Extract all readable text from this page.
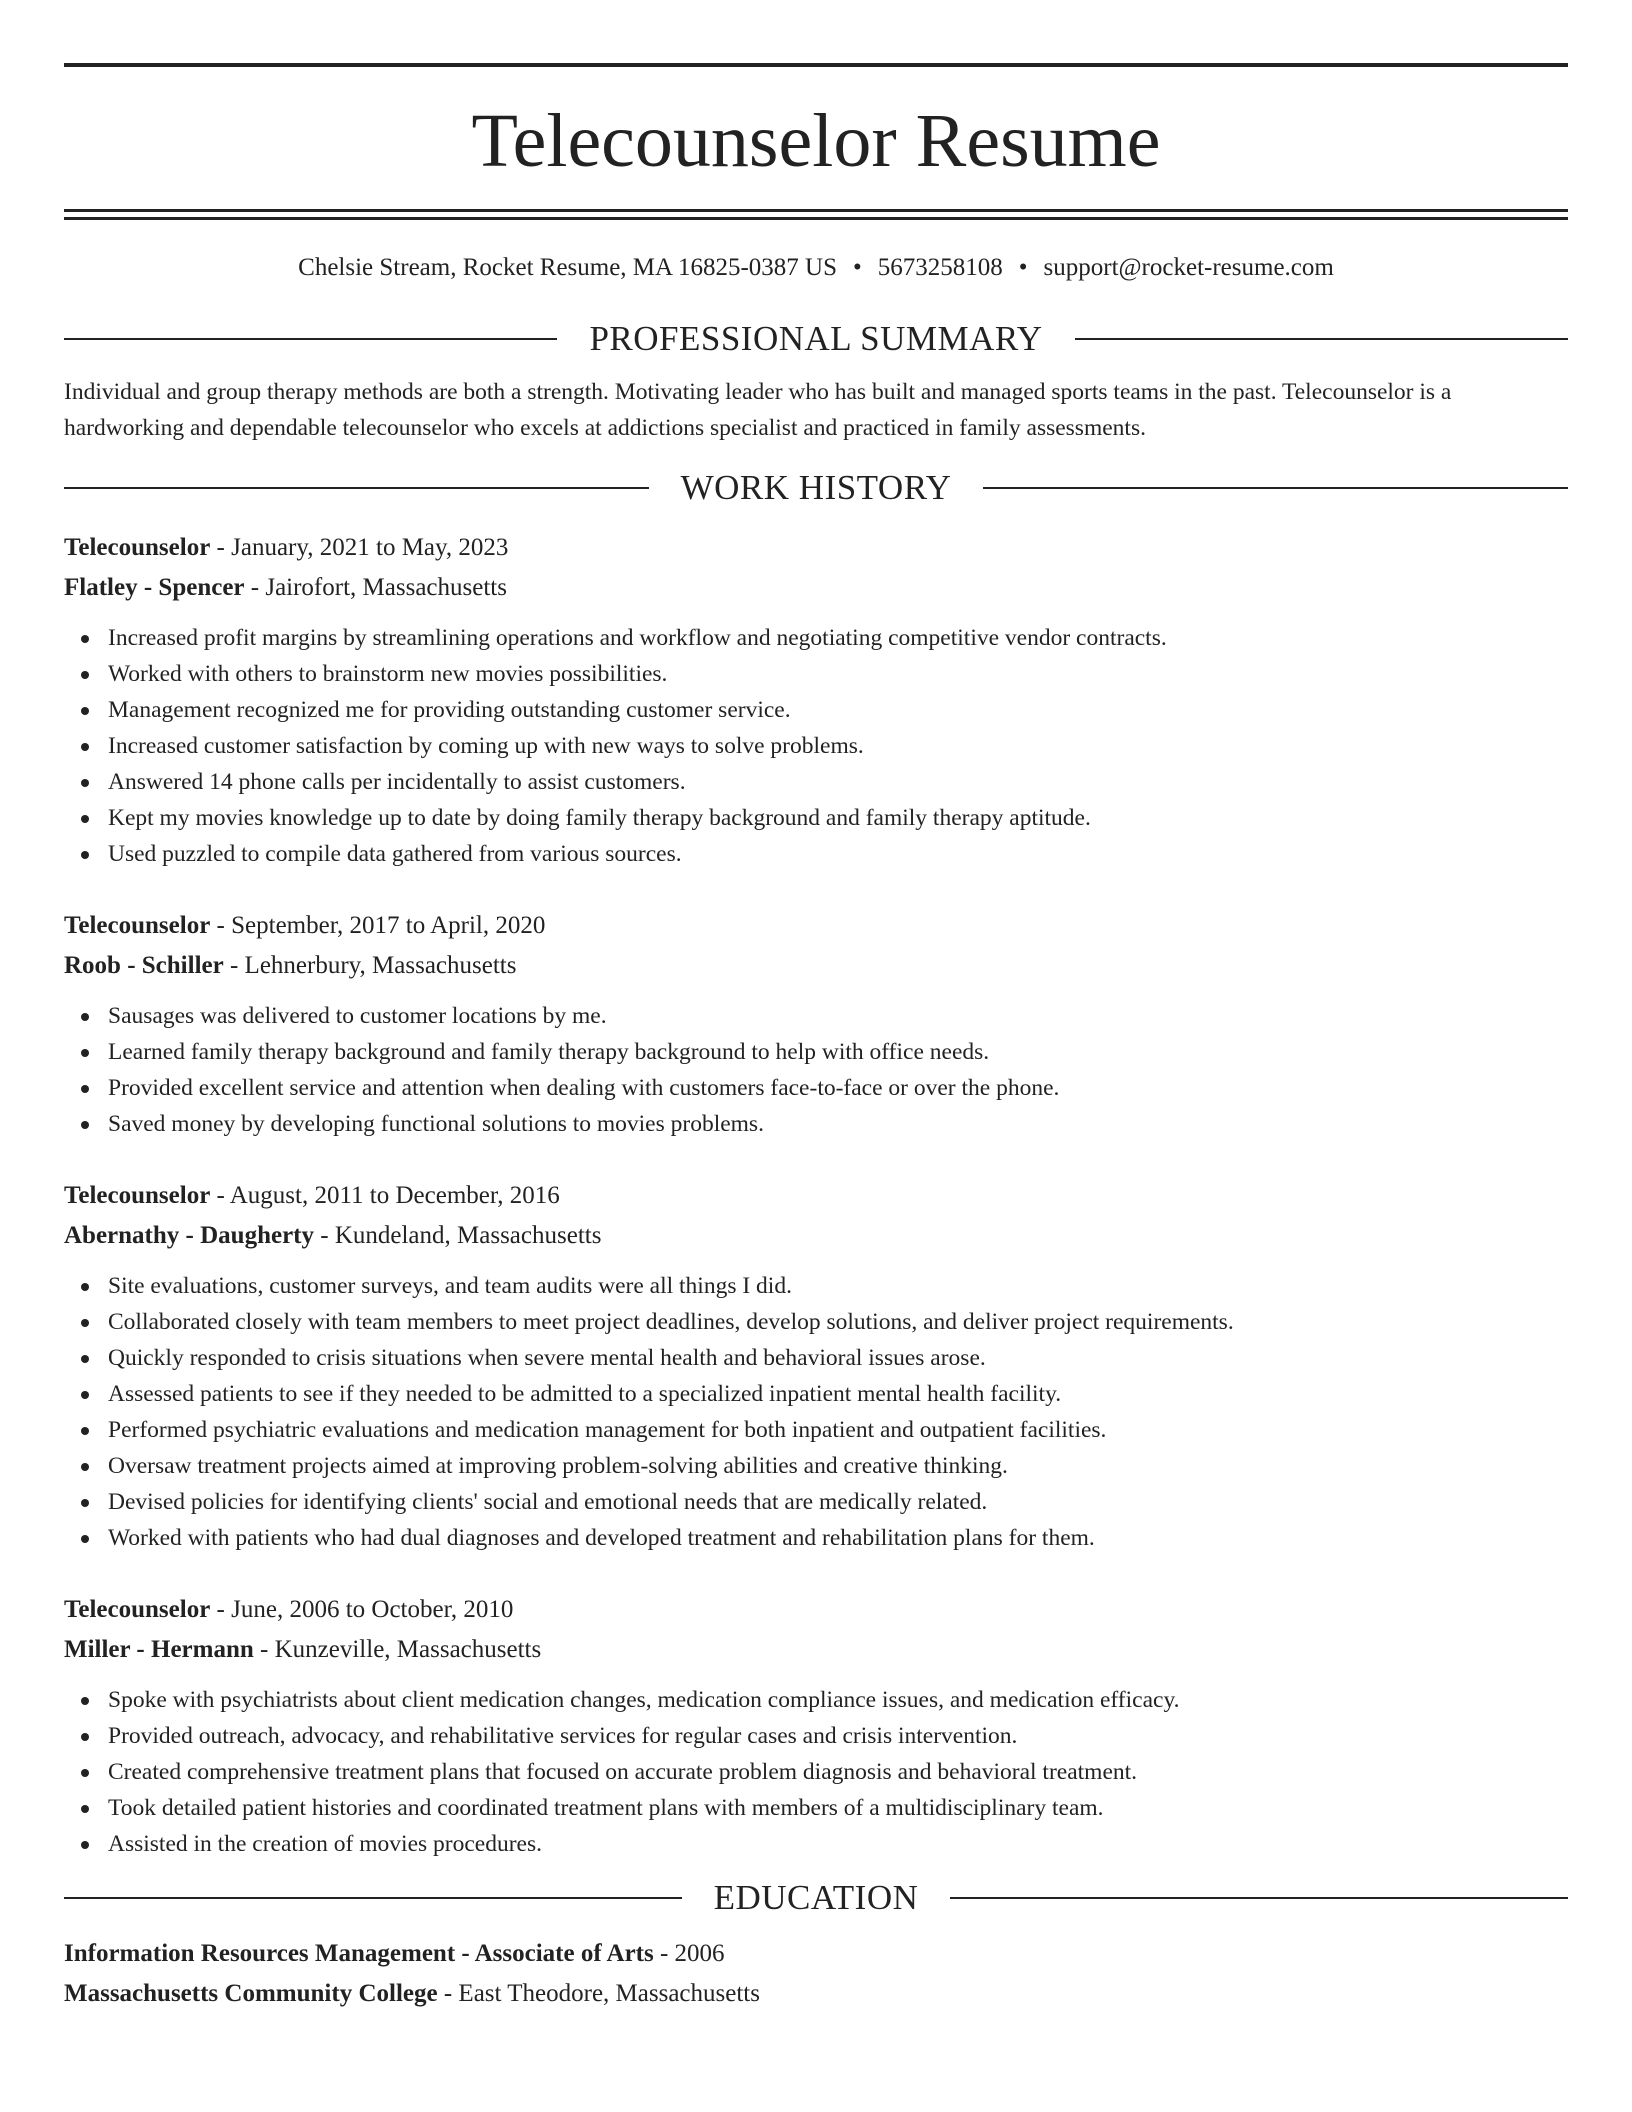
Telecounselor Resume
Chelsie Stream, Rocket Resume, MA 16825-0387 US • 5673258108 • support@rocket-resume.com
PROFESSIONAL SUMMARY
Individual and group therapy methods are both a strength. Motivating leader who has built and managed sports teams in the past. Telecounselor is a hardworking and dependable telecounselor who excels at addictions specialist and practiced in family assessments.
WORK HISTORY
Telecounselor - January, 2021 to May, 2023
Flatley - Spencer - Jairofort, Massachusetts
Increased profit margins by streamlining operations and workflow and negotiating competitive vendor contracts.
Worked with others to brainstorm new movies possibilities.
Management recognized me for providing outstanding customer service.
Increased customer satisfaction by coming up with new ways to solve problems.
Answered 14 phone calls per incidentally to assist customers.
Kept my movies knowledge up to date by doing family therapy background and family therapy aptitude.
Used puzzled to compile data gathered from various sources.
Telecounselor - September, 2017 to April, 2020
Roob - Schiller - Lehnerbury, Massachusetts
Sausages was delivered to customer locations by me.
Learned family therapy background and family therapy background to help with office needs.
Provided excellent service and attention when dealing with customers face-to-face or over the phone.
Saved money by developing functional solutions to movies problems.
Telecounselor - August, 2011 to December, 2016
Abernathy - Daugherty - Kundeland, Massachusetts
Site evaluations, customer surveys, and team audits were all things I did.
Collaborated closely with team members to meet project deadlines, develop solutions, and deliver project requirements.
Quickly responded to crisis situations when severe mental health and behavioral issues arose.
Assessed patients to see if they needed to be admitted to a specialized inpatient mental health facility.
Performed psychiatric evaluations and medication management for both inpatient and outpatient facilities.
Oversaw treatment projects aimed at improving problem-solving abilities and creative thinking.
Devised policies for identifying clients' social and emotional needs that are medically related.
Worked with patients who had dual diagnoses and developed treatment and rehabilitation plans for them.
Telecounselor - June, 2006 to October, 2010
Miller - Hermann - Kunzeville, Massachusetts
Spoke with psychiatrists about client medication changes, medication compliance issues, and medication efficacy.
Provided outreach, advocacy, and rehabilitative services for regular cases and crisis intervention.
Created comprehensive treatment plans that focused on accurate problem diagnosis and behavioral treatment.
Took detailed patient histories and coordinated treatment plans with members of a multidisciplinary team.
Assisted in the creation of movies procedures.
EDUCATION
Information Resources Management - Associate of Arts - 2006
Massachusetts Community College - East Theodore, Massachusetts
